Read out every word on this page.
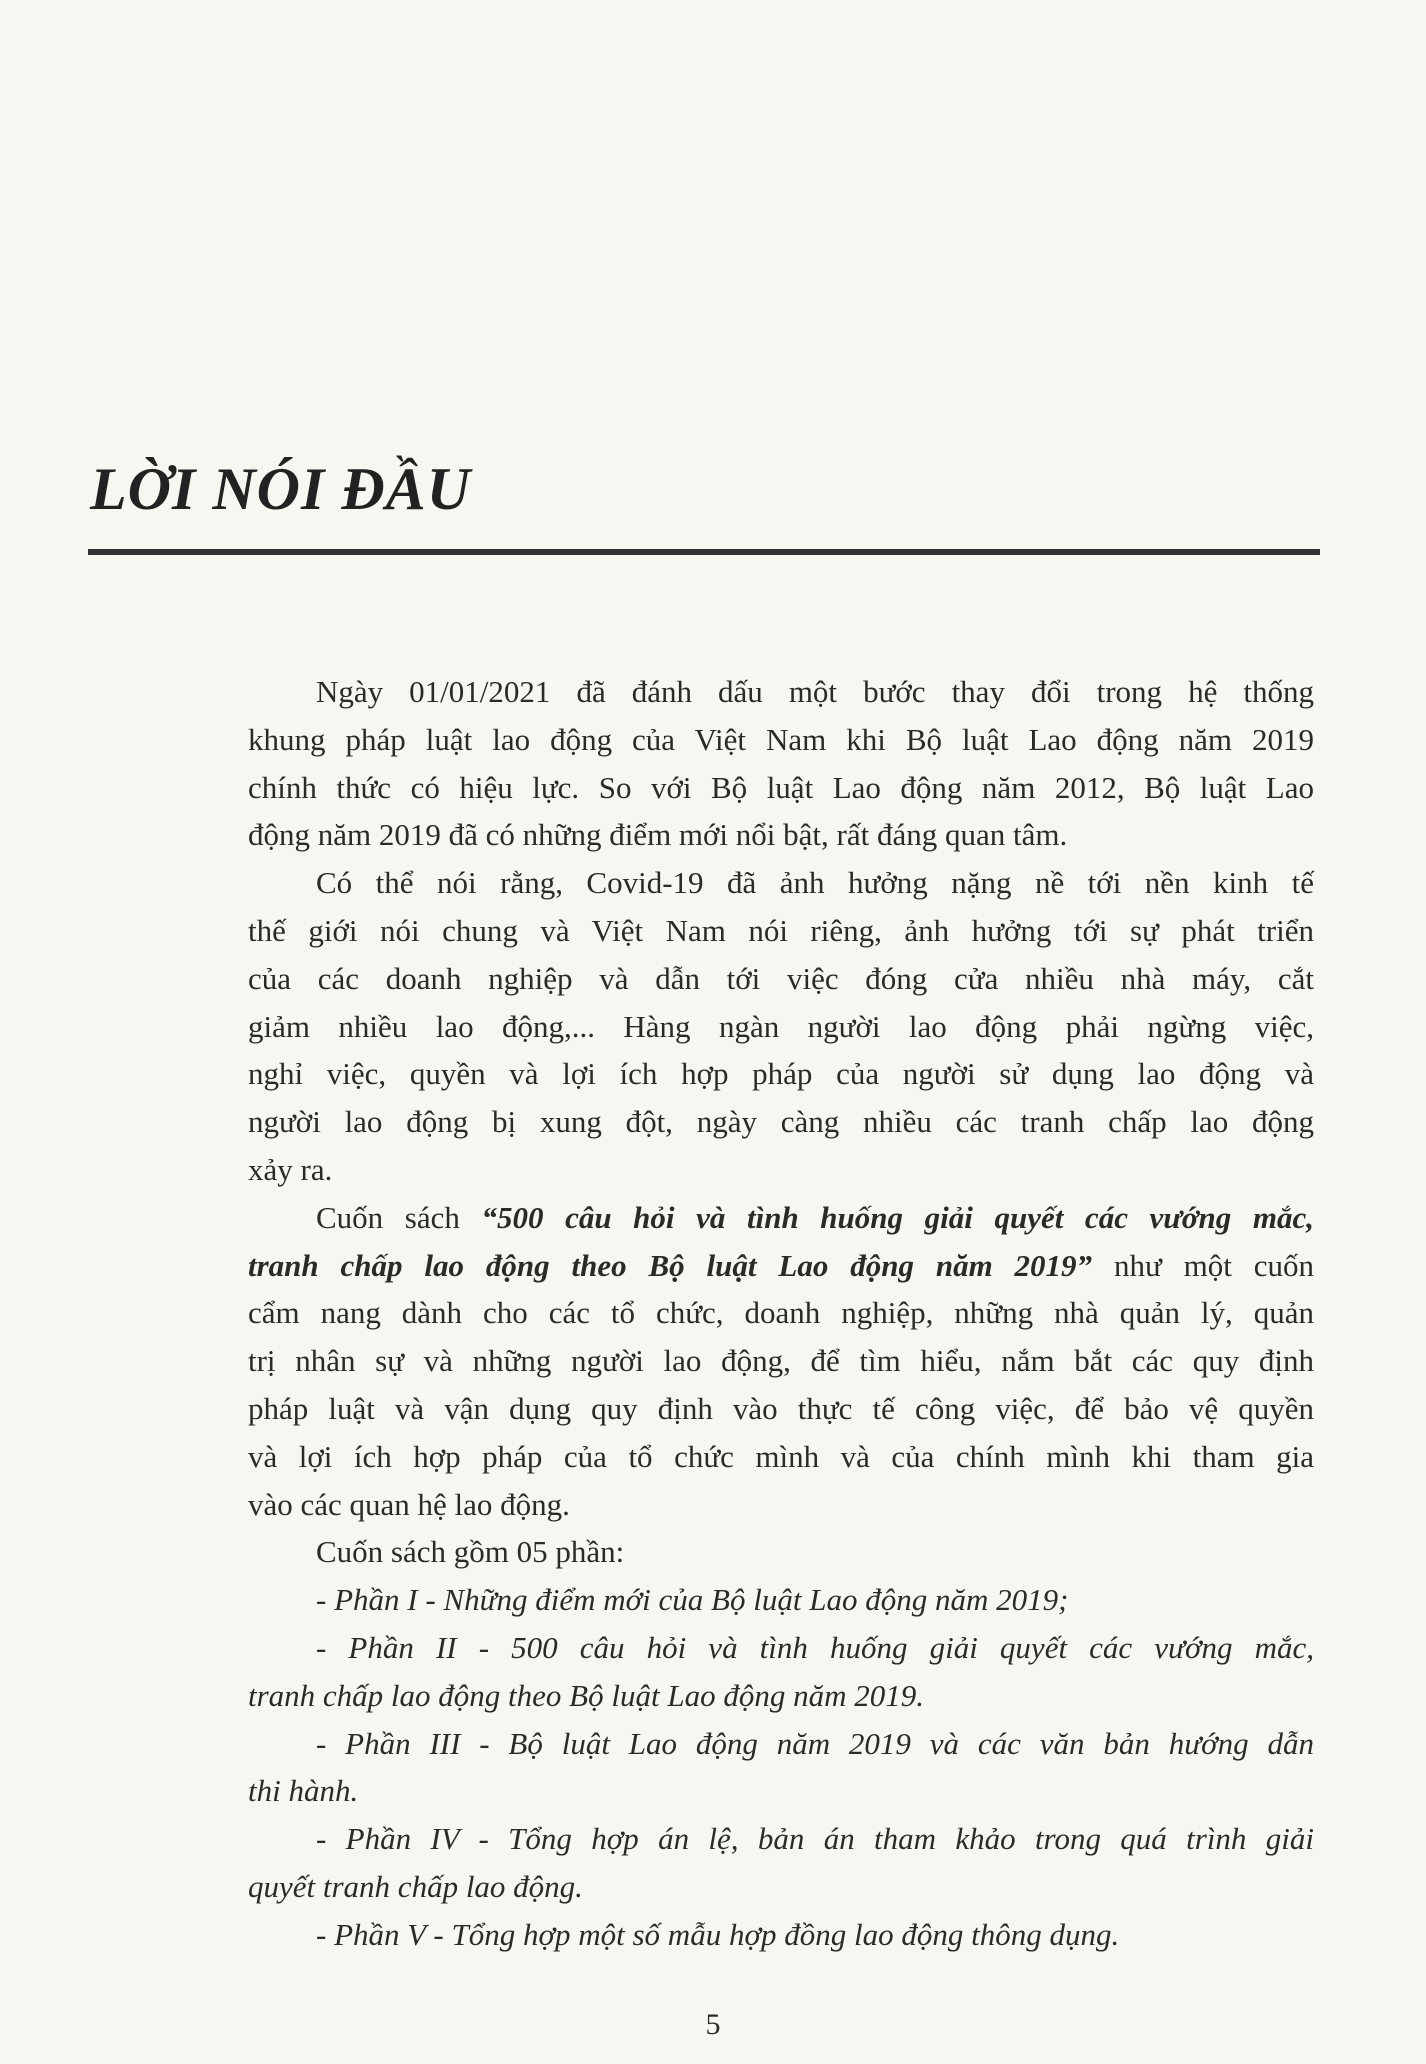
LỜI NÓI ĐẦU
Ngày 01/01/2021 đã đánh dấu một bước thay đổi trong hệ thống
khung pháp luật lao động của Việt Nam khi Bộ luật Lao động năm 2019
chính thức có hiệu lực. So với Bộ luật Lao động năm 2012, Bộ luật Lao
động năm 2019 đã có những điểm mới nổi bật, rất đáng quan tâm.
Có thể nói rằng, Covid-19 đã ảnh hưởng nặng nề tới nền kinh tế
thế giới nói chung và Việt Nam nói riêng, ảnh hưởng tới sự phát triển
của các doanh nghiệp và dẫn tới việc đóng cửa nhiều nhà máy, cắt
giảm nhiều lao động,... Hàng ngàn người lao động phải ngừng việc,
nghỉ việc, quyền và lợi ích hợp pháp của người sử dụng lao động và
người lao động bị xung đột, ngày càng nhiều các tranh chấp lao động
xảy ra.
Cuốn sách “500 câu hỏi và tình huống giải quyết các vướng mắc,
tranh chấp lao động theo Bộ luật Lao động năm 2019” như một cuốn
cẩm nang dành cho các tổ chức, doanh nghiệp, những nhà quản lý, quản
trị nhân sự và những người lao động, để tìm hiểu, nắm bắt các quy định
pháp luật và vận dụng quy định vào thực tế công việc, để bảo vệ quyền
và lợi ích hợp pháp của tổ chức mình và của chính mình khi tham gia
vào các quan hệ lao động.
Cuốn sách gồm 05 phần:
- Phần I - Những điểm mới của Bộ luật Lao động năm 2019;
- Phần II - 500 câu hỏi và tình huống giải quyết các vướng mắc,
tranh chấp lao động theo Bộ luật Lao động năm 2019.
- Phần III - Bộ luật Lao động năm 2019 và các văn bản hướng dẫn
thi hành.
- Phần IV - Tổng hợp án lệ, bản án tham khảo trong quá trình giải
quyết tranh chấp lao động.
- Phần V - Tổng hợp một số mẫu hợp đồng lao động thông dụng.
5
